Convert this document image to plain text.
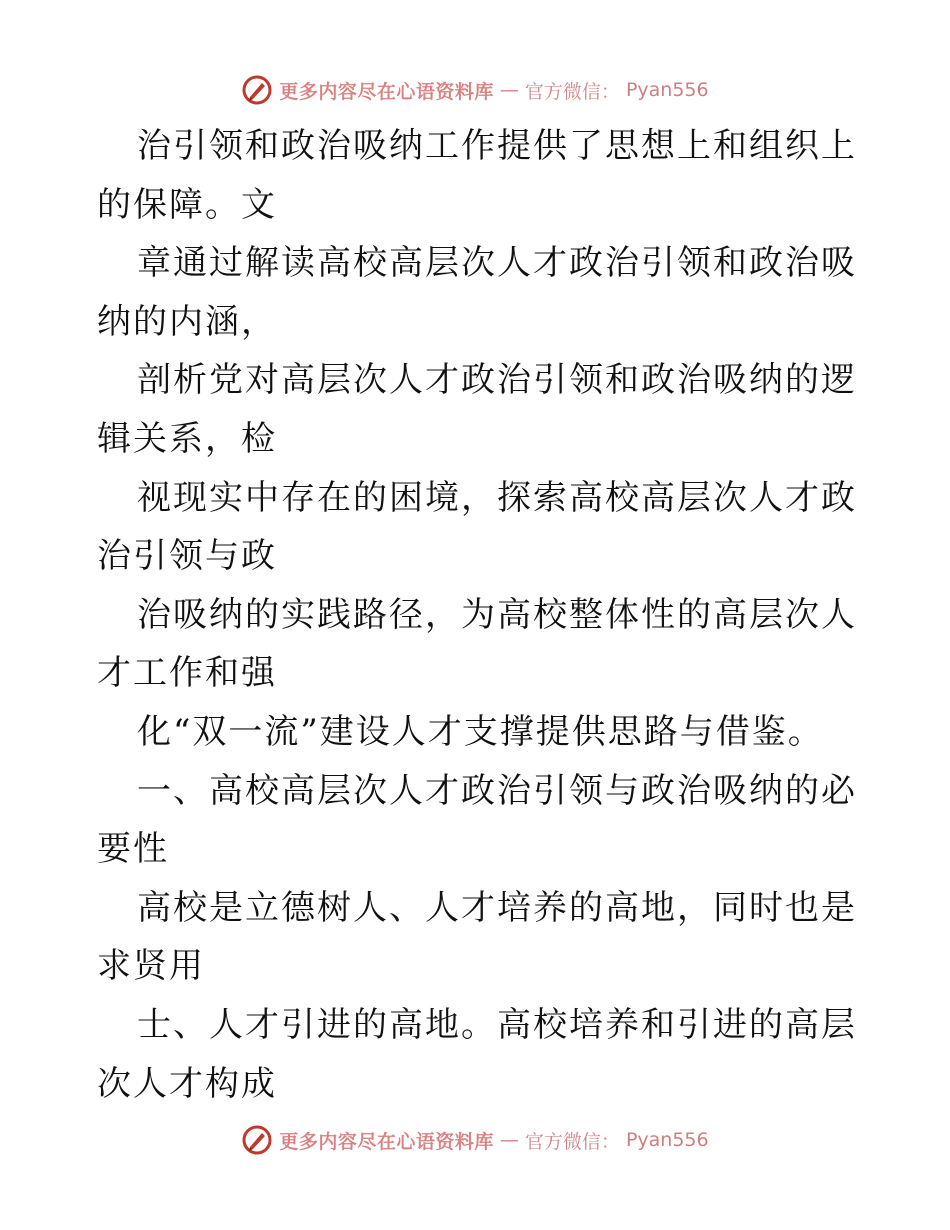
更多内容尽在心语资料库 — 官方微信： Pyan556

治引领和政治吸纳工作提供了思想上和组织上的保障。文

章通过解读高校高层次人才政治引领和政治吸纳的内涵，

剖析党对高层次人才政治引领和政治吸纳的逻辑关系，检

视现实中存在的困境，探索高校高层次人才政治引领与政

治吸纳的实践路径，为高校整体性的高层次人才工作和强

化“双一流”建设人才支撑提供思路与借鉴。

一、高校高层次人才政治引领与政治吸纳的必要性

高校是立德树人、人才培养的高地，同时也是求贤用

士、人才引进的高地。高校培养和引进的高层次人才构成

更多内容尽在心语资料库 — 官方微信： Pyan556
